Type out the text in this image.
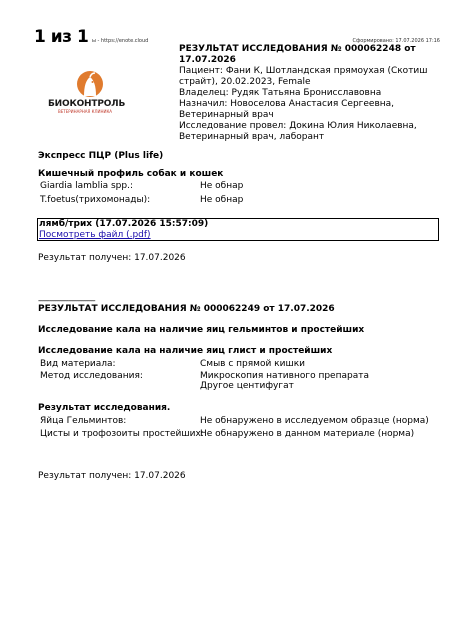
1 из 1 ы - https://enote.cloud	Сформировано: 17.07.2026 17:16
РЕЗУЛЬТАТ ИССЛЕДОВАНИЯ № 000062248 от 17.07.2026
Пациент: Фани К, Шотландская прямоухая (Скотиш страйт), 20.02.2023, Female
Владелец: Рудяк Татьяна Бронисславовна
Назначил: Новоселова Анастасия Сергеевна, Ветеринарный врач
Исследование провел: Докина Юлия Николаевна, Ветеринарный врач, лаборант
БИОКОНТРОЛЬ
ВЕТЕРИНАРНАЯ КЛИНИКА
Экспресс ПЦР (Plus life)
Кишечный профиль собак и кошек
Giardia lamblia spp.:	Не обнар
T.foetus(трихомонады):	Не обнар
лямб/трих (17.07.2026 15:57:09)
Посмотреть файл (.pdf)
Результат получен: 17.07.2026
------------------------------
РЕЗУЛЬТАТ ИССЛЕДОВАНИЯ № 000062249 от 17.07.2026
Исследование кала на наличие яиц гельминтов и простейших
Исследование кала на наличие яиц глист и простейших
Вид материала:	Смыв с прямой кишки
Метод исследования:	Микроскопия нативного препарата
Другое центифугат
Результат исследования.
Яйца Гельминтов:	Не обнаружено в исследуемом образце (норма)
Цисты и трофозоиты простейших:
Не обнаружено в данном материале (норма)
Результат получен: 17.07.2026
